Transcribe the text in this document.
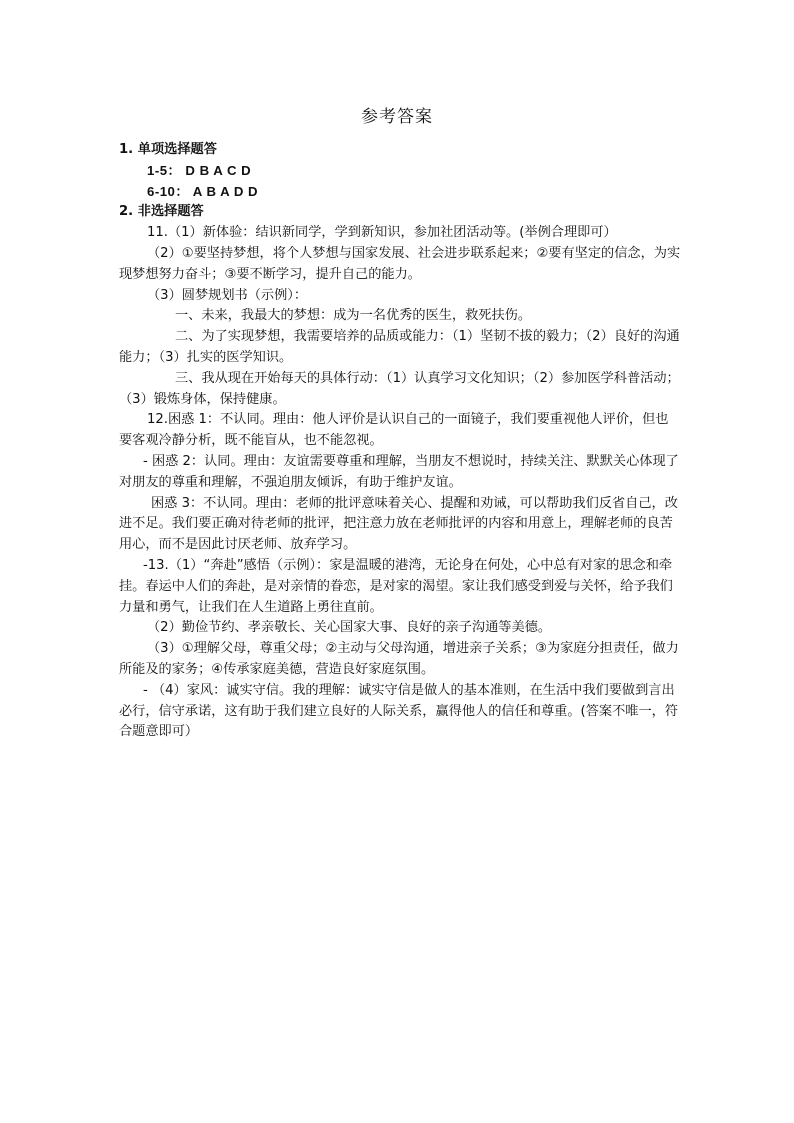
参考答案

1. 单项选择题答

1-5： D B A C D

6-10： A B A D D

2. 非选择题答

11.（1）新体验：结识新同学，学到新知识，参加社团活动等。(举例合理即可）

（2）①要坚持梦想，将个人梦想与国家发展、社会进步联系起来；②要有坚定的信念，为实现梦想努力奋斗；③要不断学习，提升自己的能力。

（3）圆梦规划书（示例）：

一、未来，我最大的梦想：成为一名优秀的医生，救死扶伤。

二、为了实现梦想，我需要培养的品质或能力：（1）坚韧不拔的毅力；（2）良好的沟通能力；（3）扎实的医学知识。

三、我从现在开始每天的具体行动：（1）认真学习文化知识；（2）参加医学科普活动；（3）锻炼身体，保持健康。

12.困惑 1：不认同。理由：他人评价是认识自己的一面镜子，我们要重视他人评价，但也要客观冷静分析，既不能盲从，也不能忽视。

- 困惑 2：认同。理由：友谊需要尊重和理解，当朋友不想说时，持续关注、默默关心体现了对朋友的尊重和理解，不强迫朋友倾诉，有助于维护友谊。

困惑 3：不认同。理由：老师的批评意味着关心、提醒和劝诫，可以帮助我们反省自己，改进不足。我们要正确对待老师的批评，把注意力放在老师批评的内容和用意上，理解老师的良苦用心，而不是因此讨厌老师、放弃学习。

-13.（1）“奔赴”感悟（示例）：家是温暖的港湾，无论身在何处，心中总有对家的思念和牵挂。春运中人们的奔赴，是对亲情的眷恋，是对家的渴望。家让我们感受到爱与关怀，给予我们力量和勇气，让我们在人生道路上勇往直前。

（2）勤俭节约、孝亲敬长、关心国家大事、良好的亲子沟通等美德。

（3）①理解父母，尊重父母；②主动与父母沟通，增进亲子关系；③为家庭分担责任，做力所能及的家务；④传承家庭美德，营造良好家庭氛围。

- （4）家风：诚实守信。我的理解：诚实守信是做人的基本准则，在生活中我们要做到言出必行，信守承诺，这有助于我们建立良好的人际关系，赢得他人的信任和尊重。(答案不唯一，符合题意即可）
